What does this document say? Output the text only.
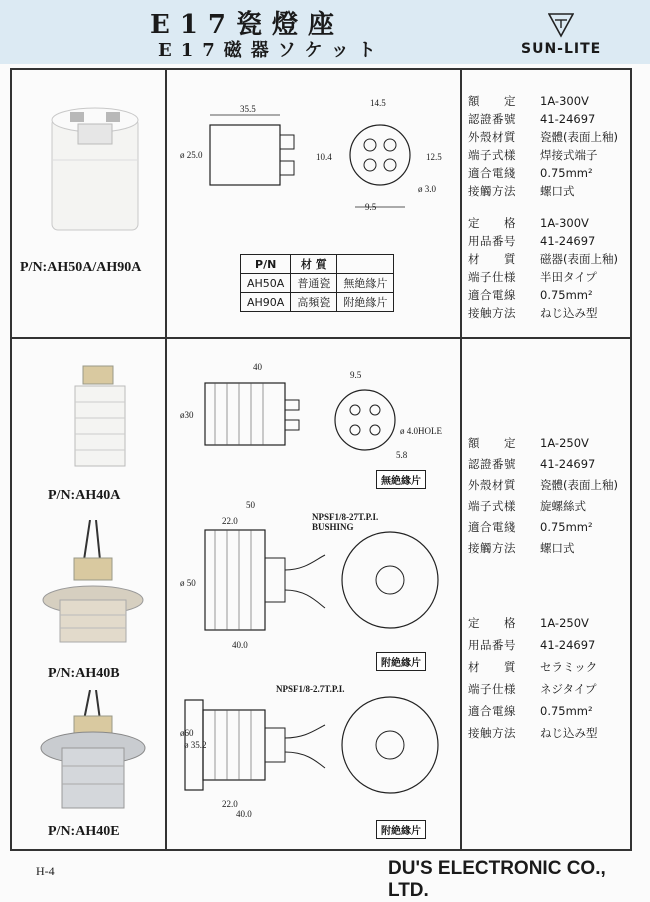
E17瓷燈座
E17磁器ソケット	SUN-LITE
P/N:AH50A/AH90A
35.5
14.5
ø 25.0	10.4	12.5
ø 3.0
9.5
P/N	材 質	
AH50A	普通瓷	無絶緣片
AH90A	高頻瓷	附絶緣片
額　　定	1A-300V
認證番號	41-24697
外殼材質	瓷體(表面上釉)
端子式樣	焊接式端子
適合電綫	0.75mm²
接觸方法	螺口式
定　　格	1A-300V
用品番号	41-24697
材　　質	磁器(表面上釉)
端子仕様	半田タイプ
適合電線	0.75mm²
接触方法	ねじ込み型
P/N:AH40A
P/N:AH40B
P/N:AH40E
40
ø30
9.5
ø 4.0HOLE
5.8
無絶緣片
50
22.0
ø 50
40.0
NPSF1/8-27T.P.I.
BUSHING
附絶緣片
ø60
ø 35.2
22.0
40.0
NPSF1/8-2.7T.P.I.
附絶緣片
額　　定	1A-250V
認證番號	41-24697
外殼材質	瓷體(表面上釉)
端子式樣	旋螺絲式
適合電綫	0.75mm²
接觸方法	螺口式
定　　格	1A-250V
用品番号	41-24697
材　　質	セラミック
端子仕様	ネジタイプ
適合電線	0.75mm²
接触方法	ねじ込み型
H-4	DU'S ELECTRONIC CO., LTD.
